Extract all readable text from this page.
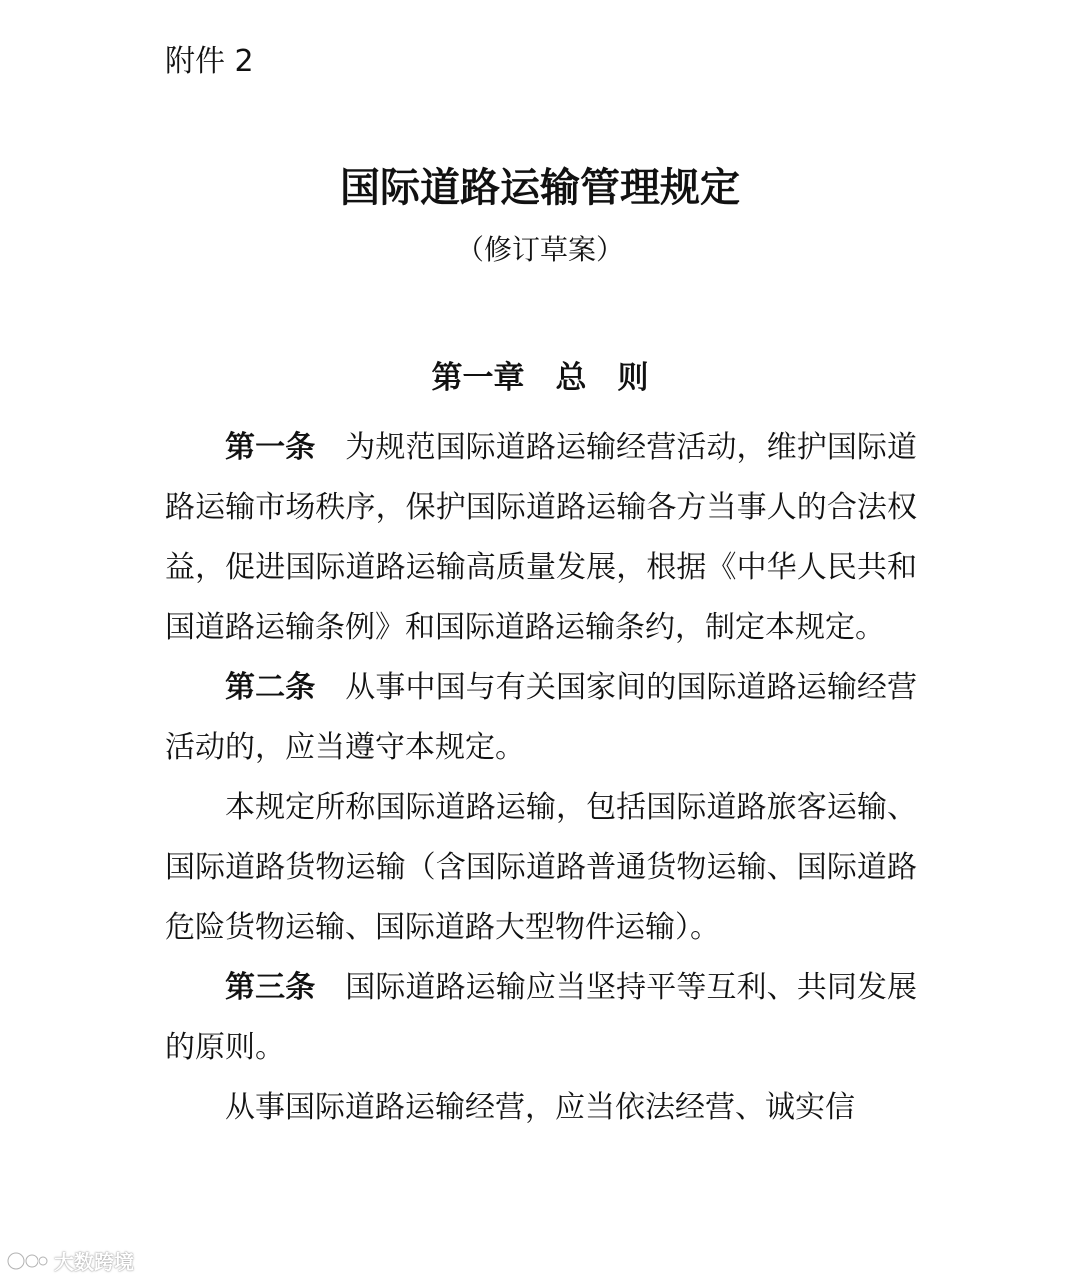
附件 2
国际道路运输管理规定
（修订草案）
第一章　总　则

第一条 为规范国际道路运输经营活动，维护国际道路运输市场秩序，保护国际道路运输各方当事人的合法权益，促进国际道路运输高质量发展，根据《中华人民共和国道路运输条例》和国际道路运输条约，制定本规定。

第二条 从事中国与有关国家间的国际道路运输经营活动的，应当遵守本规定。

本规定所称国际道路运输，包括国际道路旅客运输、国际道路货物运输（含国际道路普通货物运输、国际道路危险货物运输、国际道路大型物件运输）。

第三条 国际道路运输应当坚持平等互利、共同发展的原则。

从事国际道路运输经营，应当依法经营、诚实信

大数跨境
